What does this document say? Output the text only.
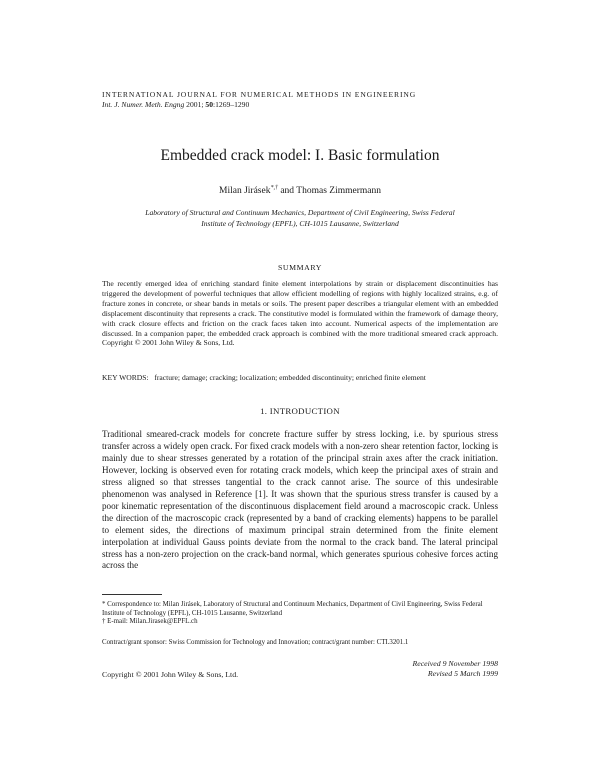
INTERNATIONAL JOURNAL FOR NUMERICAL METHODS IN ENGINEERING
Int. J. Numer. Meth. Engng 2001; 50:1269–1290
Embedded crack model: I. Basic formulation
Milan Jirásek*,† and Thomas Zimmermann
Laboratory of Structural and Continuum Mechanics, Department of Civil Engineering, Swiss Federal
Institute of Technology (EPFL), CH-1015 Lausanne, Switzerland
SUMMARY
The recently emerged idea of enriching standard finite element interpolations by strain or displacement discontinuities has triggered the development of powerful techniques that allow efficient modelling of regions with highly localized strains, e.g. of fracture zones in concrete, or shear bands in metals or soils. The present paper describes a triangular element with an embedded displacement discontinuity that represents a crack. The constitutive model is formulated within the framework of damage theory, with crack closure effects and friction on the crack faces taken into account. Numerical aspects of the implementation are discussed. In a companion paper, the embedded crack approach is combined with the more traditional smeared crack approach. Copyright © 2001 John Wiley & Sons, Ltd.
KEY WORDS: fracture; damage; cracking; localization; embedded discontinuity; enriched finite element
1. INTRODUCTION
Traditional smeared-crack models for concrete fracture suffer by stress locking, i.e. by spurious stress transfer across a widely open crack. For fixed crack models with a non-zero shear retention factor, locking is mainly due to shear stresses generated by a rotation of the principal strain axes after the crack initiation. However, locking is observed even for rotating crack models, which keep the principal axes of strain and stress aligned so that stresses tangential to the crack cannot arise. The source of this undesirable phenomenon was analysed in Reference [1]. It was shown that the spurious stress transfer is caused by a poor kinematic representation of the discontinuous displacement field around a macroscopic crack. Unless the direction of the macroscopic crack (represented by a band of cracking elements) happens to be parallel to element sides, the directions of maximum principal strain determined from the finite element interpolation at individual Gauss points deviate from the normal to the crack band. The lateral principal stress has a non-zero projection on the crack-band normal, which generates spurious cohesive forces acting across the
* Correspondence to: Milan Jirásek, Laboratory of Structural and Continuum Mechanics, Department of Civil Engineering, Swiss Federal Institute of Technology (EPFL), CH-1015 Lausanne, Switzerland
† E-mail: Milan.Jirasek@EPFL.ch
Contract/grant sponsor: Swiss Commission for Technology and Innovation; contract/grant number: CTI.3201.1
Received 9 November 1998
Revised 5 March 1999
Copyright © 2001 John Wiley & Sons, Ltd.
